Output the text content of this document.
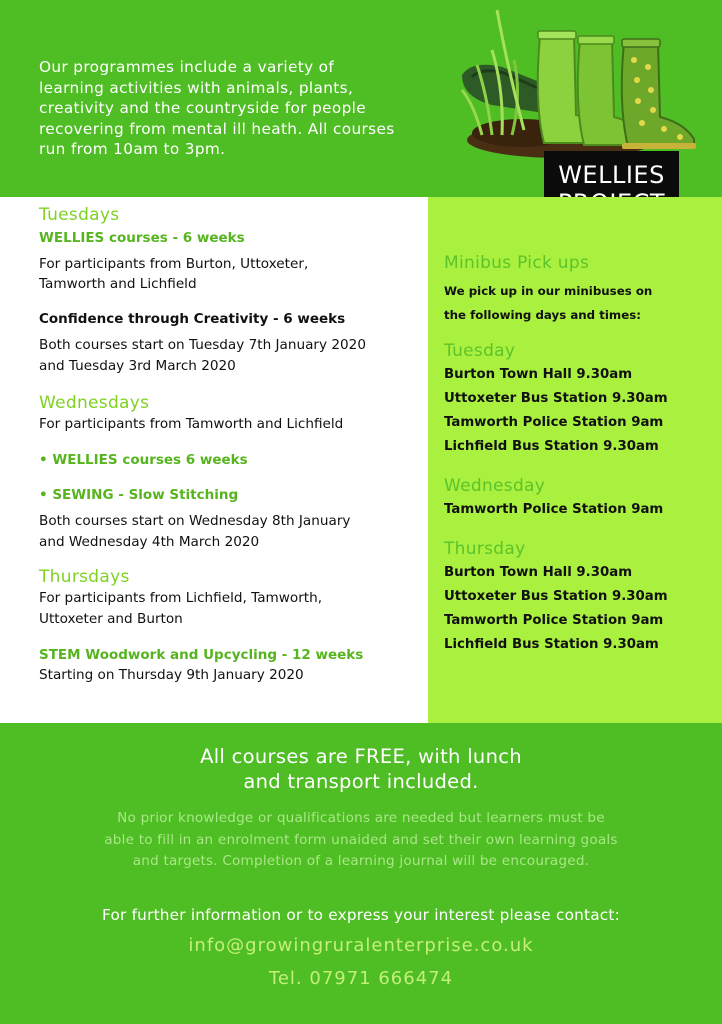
Our programmes include a variety of
learning activities with animals, plants,
creativity and the countryside for people
recovering from mental ill heath. All courses
run from 10am to 3pm.

WELLIES

Tuesdays

WELLIES courses - 6 weeks

For participants from Burton, Uttoxeter,

Tamworth and Lichfield

Confidence through Creativity - 6 weeks

Both courses start on Tuesday 7th January 2020

and Tuesday 3rd March 2020

Wednesdays

For participants from Tamworth and Lichfield

• WELLIES courses 6 weeks

• SEWING - Slow Stitching

Both courses start on Wednesday 8th January

and Wednesday 4th March 2020

Thursdays

For participants from Lichfield, Tamworth,

Uttoxeter and Burton

STEM Woodwork and Upcycling - 12 weeks

Starting on Thursday 9th January 2020

Minibus Pick ups

We pick up in our minibuses on

the following days and times:

Tuesday

Burton Town Hall 9.30am

Uttoxeter Bus Station 9.30am

Tamworth Police Station 9am

Lichfield Bus Station 9.30am

Wednesday

Tamworth Police Station 9am

Thursday

Burton Town Hall 9.30am

Uttoxeter Bus Station 9.30am

Tamworth Police Station 9am

Lichfield Bus Station 9.30am

All courses are FREE, with lunch
and transport included.

No prior knowledge or qualifications are needed but learners must be
able to fill in an enrolment form unaided and set their own learning goals
and targets. Completion of a learning journal will be encouraged.

For further information or to express your interest please contact:

info@growingruralenterprise.co.uk

Tel. 07971 666474
